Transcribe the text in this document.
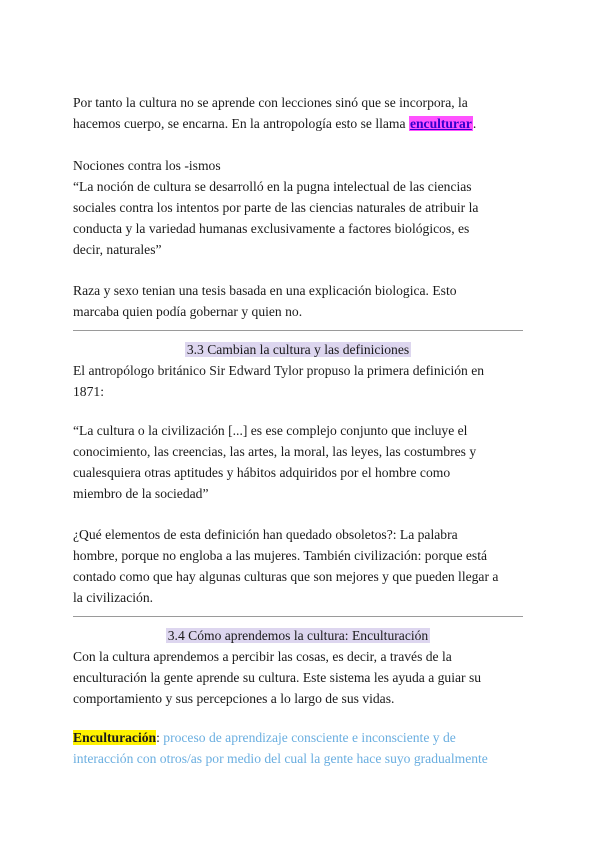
Por tanto la cultura no se aprende con lecciones sinó que se incorpora, la
hacemos cuerpo, se encarna. En la antropología esto se llama enculturar.

Nociones contra los -ismos
“La noción de cultura se desarrolló en la pugna intelectual de las ciencias
sociales contra los intentos por parte de las ciencias naturales de atribuir la
conducta y la variedad humanas exclusivamente a factores biológicos, es
decir, naturales”

Raza y sexo tenian una tesis basada en una explicación biologica. Esto
marcaba quien podía gobernar y quien no.

3.3 Cambian la cultura y las definiciones

El antropólogo británico Sir Edward Tylor propuso la primera definición en
1871:

“La cultura o la civilización [...] es ese complejo conjunto que incluye el
conocimiento, las creencias, las artes, la moral, las leyes, las costumbres y
cualesquiera otras aptitudes y hábitos adquiridos por el hombre como
miembro de la sociedad”

¿Qué elementos de esta definición han quedado obsoletos?: La palabra
hombre, porque no engloba a las mujeres. También civilización: porque está
contado como que hay algunas culturas que son mejores y que pueden llegar a
la civilización.

3.4 Cómo aprendemos la cultura: Enculturación

Con la cultura aprendemos a percibir las cosas, es decir, a través de la
enculturación la gente aprende su cultura. Este sistema les ayuda a guiar su
comportamiento y sus percepciones a lo largo de sus vidas.

Enculturación: proceso de aprendizaje consciente e inconsciente y de
interacción con otros/as por medio del cual la gente hace suyo gradualmente
